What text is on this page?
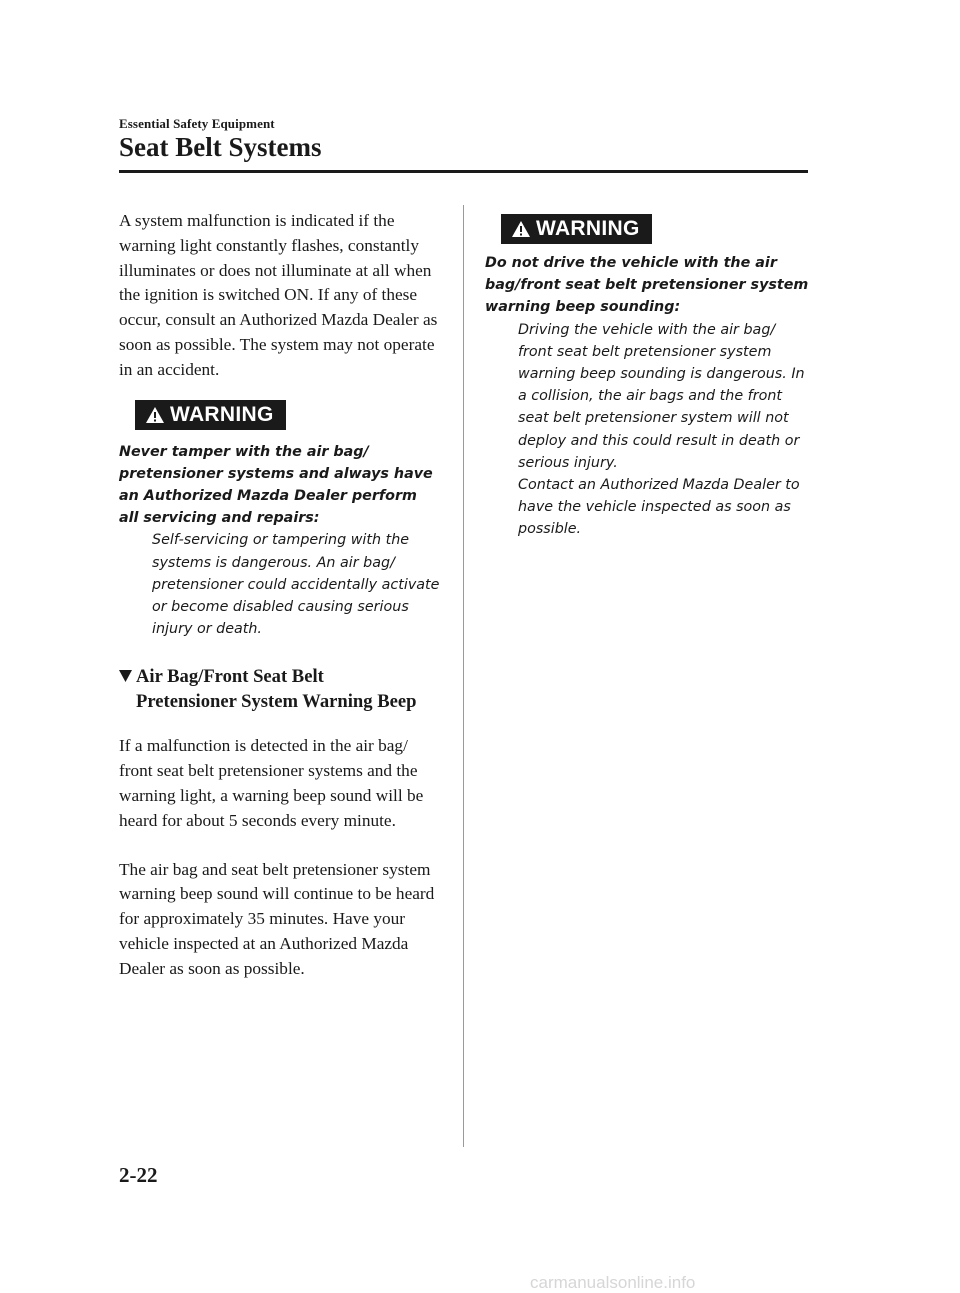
Essential Safety Equipment
Seat Belt Systems

A system malfunction is indicated if the warning light constantly flashes, constantly illuminates or does not illuminate at all when the ignition is switched ON. If any of these occur, consult an Authorized Mazda Dealer as soon as possible. The system may not operate in an accident.

WARNING

Never tamper with the air bag/ pretensioner systems and always have an Authorized Mazda Dealer perform all servicing and repairs:

Self-servicing or tampering with the systems is dangerous. An air bag/ pretensioner could accidentally activate or become disabled causing serious injury or death.

Air Bag/Front Seat Belt
Pretensioner System Warning Beep

If a malfunction is detected in the air bag/ front seat belt pretensioner systems and the warning light, a warning beep sound will be heard for about 5 seconds every minute.

The air bag and seat belt pretensioner system warning beep sound will continue to be heard for approximately 35 minutes. Have your vehicle inspected at an Authorized Mazda Dealer as soon as possible.

WARNING

Do not drive the vehicle with the air bag/front seat belt pretensioner system warning beep sounding:

Driving the vehicle with the air bag/ front seat belt pretensioner system warning beep sounding is dangerous. In a collision, the air bags and the front seat belt pretensioner system will not deploy and this could result in death or serious injury.

Contact an Authorized Mazda Dealer to have the vehicle inspected as soon as possible.

2-22
carmanualsonline.info
